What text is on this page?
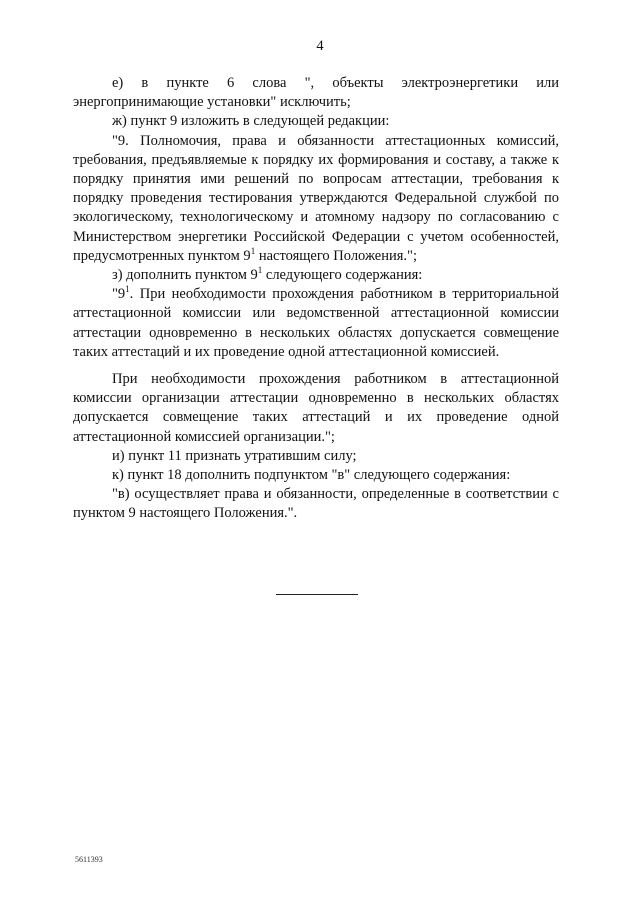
4

е) в пункте 6 слова ", объекты электроэнергетики или энергопринимающие установки" исключить;

ж) пункт 9 изложить в следующей редакции:

"9. Полномочия, права и обязанности аттестационных комиссий, требования, предъявляемые к порядку их формирования и составу, а также к порядку принятия ими решений по вопросам аттестации, требования к порядку проведения тестирования утверждаются Федеральной службой по экологическому, технологическому и атомному надзору по согласованию с Министерством энергетики Российской Федерации с учетом особенностей, предусмотренных пунктом $9^1$ настоящего Положения.";

з) дополнить пунктом $9^1$ следующего содержания:

"$9^1$. При необходимости прохождения работником в территориальной аттестационной комиссии или ведомственной аттестационной комиссии аттестации одновременно в нескольких областях допускается совмещение таких аттестаций и их проведение одной аттестационной комиссией.

При необходимости прохождения работником в аттестационной комиссии организации аттестации одновременно в нескольких областях допускается совмещение таких аттестаций и их проведение одной аттестационной комиссией организации.";

и) пункт 11 признать утратившим силу;

к) пункт 18 дополнить подпунктом "в" следующего содержания:

"в) осуществляет права и обязанности, определенные в соответствии с пунктом 9 настоящего Положения.".

5611393
